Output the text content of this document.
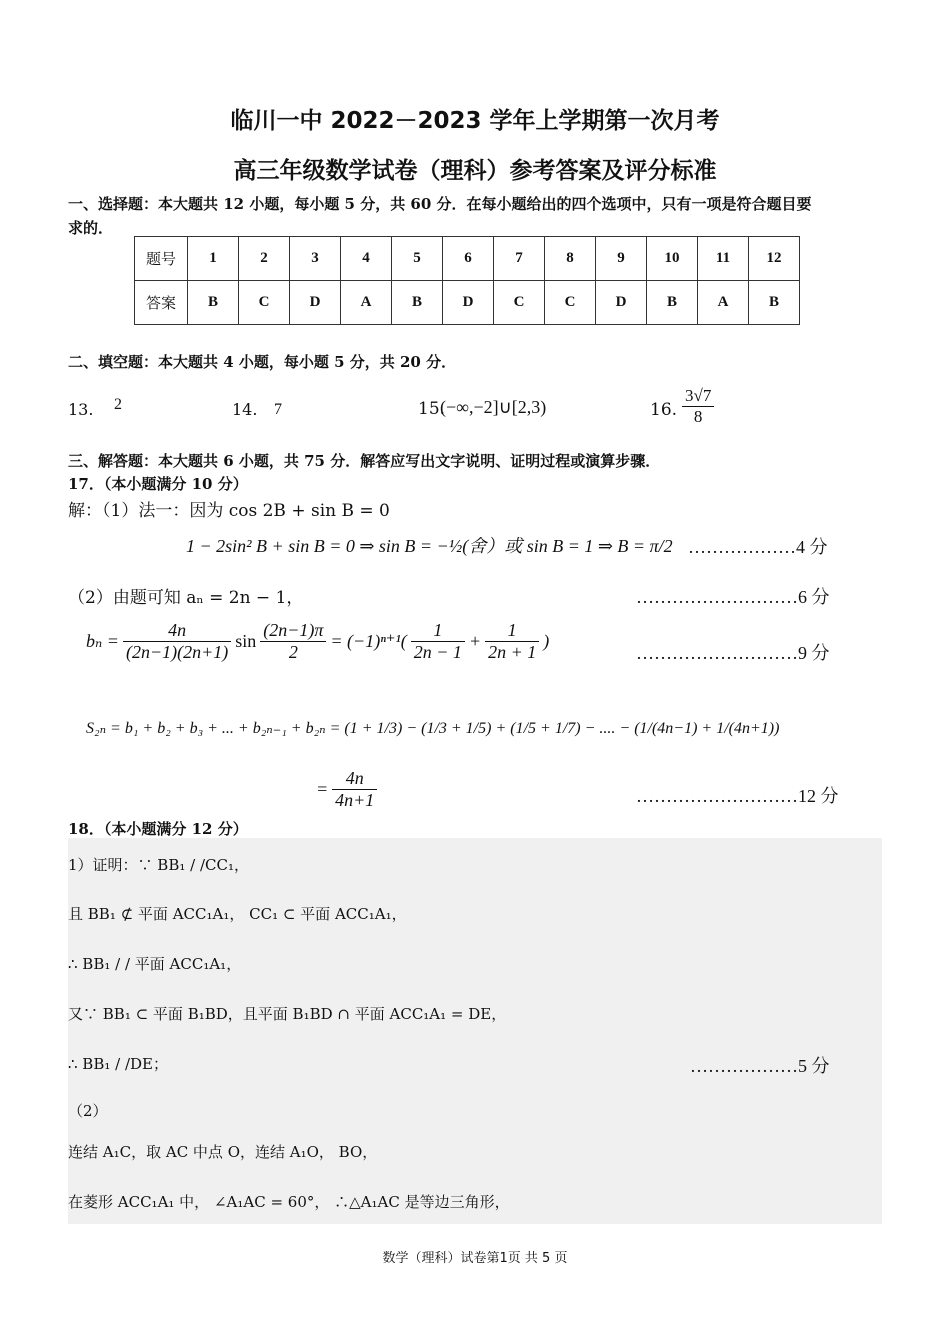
临川一中 2022－2023 学年上学期第一次月考
高三年级数学试卷（理科）参考答案及评分标准
一、选择题：本大题共 12 小题，每小题 5 分，共 60 分．在每小题给出的四个选项中，只有一项是符合题目要
求的．
题号	1	2	3	4	5	6	7	8	9	10	11	12
答案	B	C	D	A	B	D	C	C	D	B	A	B
二、填空题：本大题共 4 小题，每小题 5 分，共 20 分．
13. 2	14. 7	15.
(−∞,−2]∪[2,3)	16. $\frac{3√7}{8}$
三、解答题：本大题共 6 小题，共 75 分．解答应写出文字说明、证明过程或演算步骤．
17．（本小题满分 10 分）
解：（1）法一：因为 cos 2B + sin B = 0
1 − 2sin² B + sin B = 0 ⇒ sin B = −½(舍）或 sin B = 1 ⇒ B = π/2 ………………4 分
（2）由题可知 aₙ = 2n − 1，	………………………6 分
$b_n = \frac{4n}{(2n-1)(2n+1)}$ $\sin \frac{(2n-1)\pi}{2} = (-1)^{n+1}( \frac{1}{2n - 1} + \frac{1}{2n + 1}$ )
………………………9 分
S₂ₙ = b₁ + b₂ + b₃ + ... + b₂ₙ₋₁ + b₂ₙ = (1 + 1/3) − (1/3 + 1/5) + (1/5 + 1/7) − .... − (1/(4n−1) + 1/(4n+1))
= $\frac{4n}{4n+1}$	………………………12 分
18．（本小题满分 12 分）
1）证明：∵ BB₁ / /CC₁，
且 BB₁ ⊄ 平面 ACC₁A₁， CC₁ ⊂ 平面 ACC₁A₁，
∴ BB₁ / / 平面 ACC₁A₁，
又∵ BB₁ ⊂ 平面 B₁BD，且平面 B₁BD ∩ 平面 ACC₁A₁ = DE，
∴ BB₁ / /DE；	………………5 分
（2）
连结 A₁C，取 AC 中点 O，连结 A₁O， BO，
在菱形 ACC₁A₁ 中， ∠A₁AC = 60°， ∴△A₁AC 是等边三角形，
数学（理科）试卷第1页 共 5 页
